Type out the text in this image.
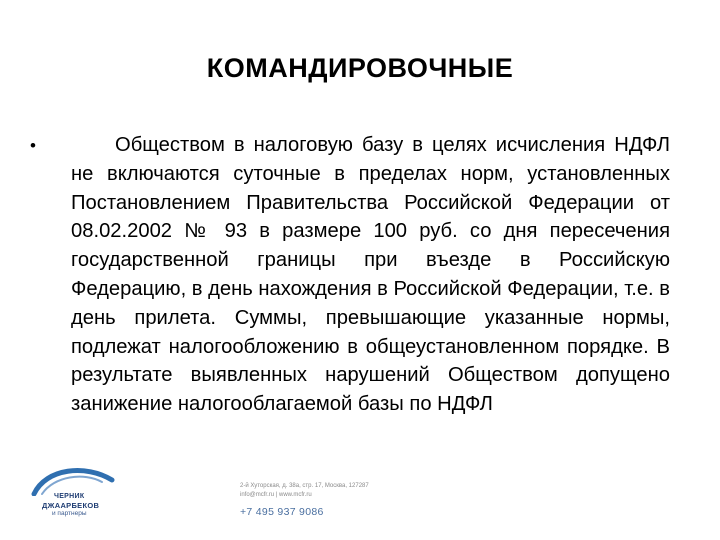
КОМАНДИРОВОЧНЫЕ
•	Обществом в налоговую базу в целях исчисления НДФЛ не включаются суточные в пределах норм, установленных Постановлением Правительства Российской Федерации от 08.02.2002 № 93 в размере 100 руб. со дня пересечения государственной границы при въезде в Российскую Федерацию, в день нахождения в Российской Федерации, т.е. в день прилета. Суммы, превышающие указанные нормы, подлежат налогообложению в общеустановленном порядке. В результате выявленных нарушений Обществом допущено занижение налогооблагаемой базы по НДФЛ
ЧЕРНИК
ДЖААРБЕКОВ
и партнеры
2-й Хуторская, д. 38а, стр. 17, Москва, 127287
info@mcfr.ru | www.mcfr.ru
+7 495 937 9086
